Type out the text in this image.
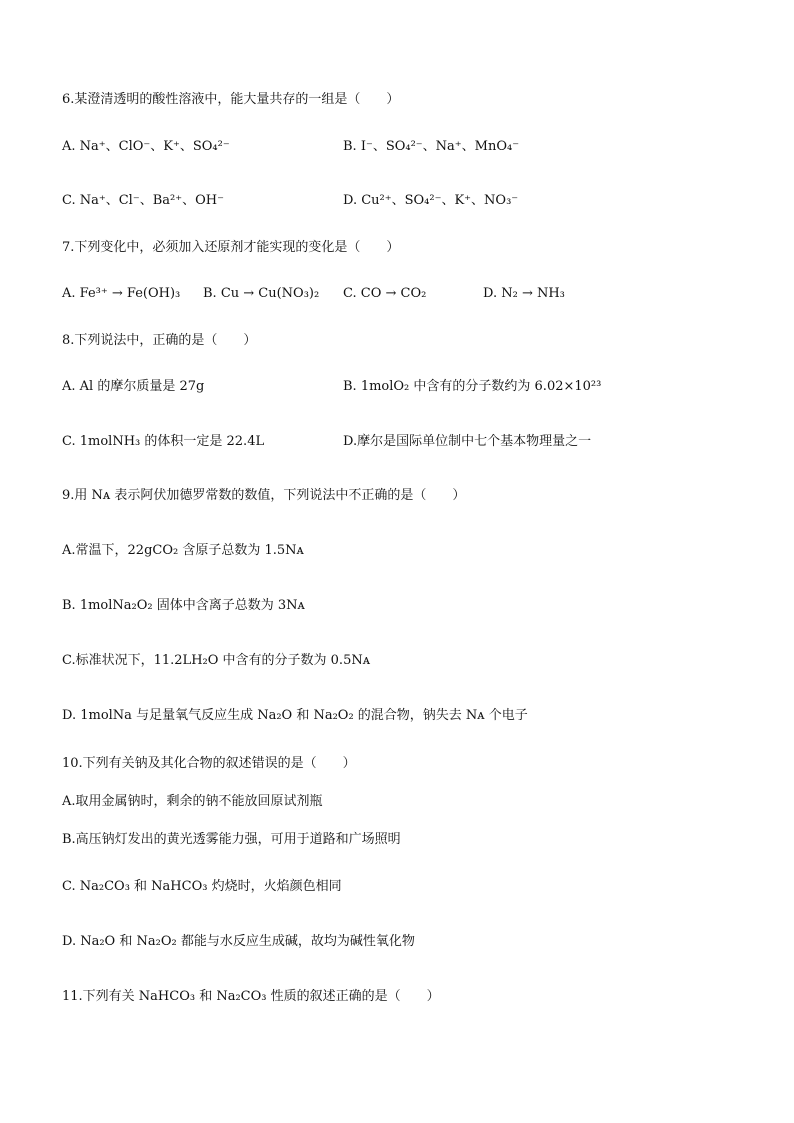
6.某澄清透明的酸性溶液中，能大量共存的一组是（　　）
A. Na⁺、ClO⁻、K⁺、SO₄²⁻	B. I⁻、SO₄²⁻、Na⁺、MnO₄⁻
C. Na⁺、Cl⁻、Ba²⁺、OH⁻	D. Cu²⁺、SO₄²⁻、K⁺、NO₃⁻
7.下列变化中，必须加入还原剂才能实现的变化是（　　）
A. Fe³⁺ → Fe(OH)₃ B. Cu → Cu(NO₃)₂ C. CO → CO₂	D. N₂ → NH₃
8.下列说法中，正确的是（　　）
A. Al 的摩尔质量是 27g	B. 1molO₂ 中含有的分子数约为 6.02×10²³
C. 1molNH₃ 的体积一定是 22.4L	D.摩尔是国际单位制中七个基本物理量之一
9.用 Nᴀ 表示阿伏加德罗常数的数值，下列说法中不正确的是（　　）
A.常温下，22gCO₂ 含原子总数为 1.5Nᴀ
B. 1molNa₂O₂ 固体中含离子总数为 3Nᴀ
C.标准状况下，11.2LH₂O 中含有的分子数为 0.5Nᴀ
D. 1molNa 与足量氧气反应生成 Na₂O 和 Na₂O₂ 的混合物，钠失去 Nᴀ 个电子
10.下列有关钠及其化合物的叙述错误的是（　　）
A.取用金属钠时，剩余的钠不能放回原试剂瓶
B.高压钠灯发出的黄光透雾能力强，可用于道路和广场照明
C. Na₂CO₃ 和 NaHCO₃ 灼烧时，火焰颜色相同
D. Na₂O 和 Na₂O₂ 都能与水反应生成碱，故均为碱性氧化物
11.下列有关 NaHCO₃ 和 Na₂CO₃ 性质的叙述正确的是（　　）
